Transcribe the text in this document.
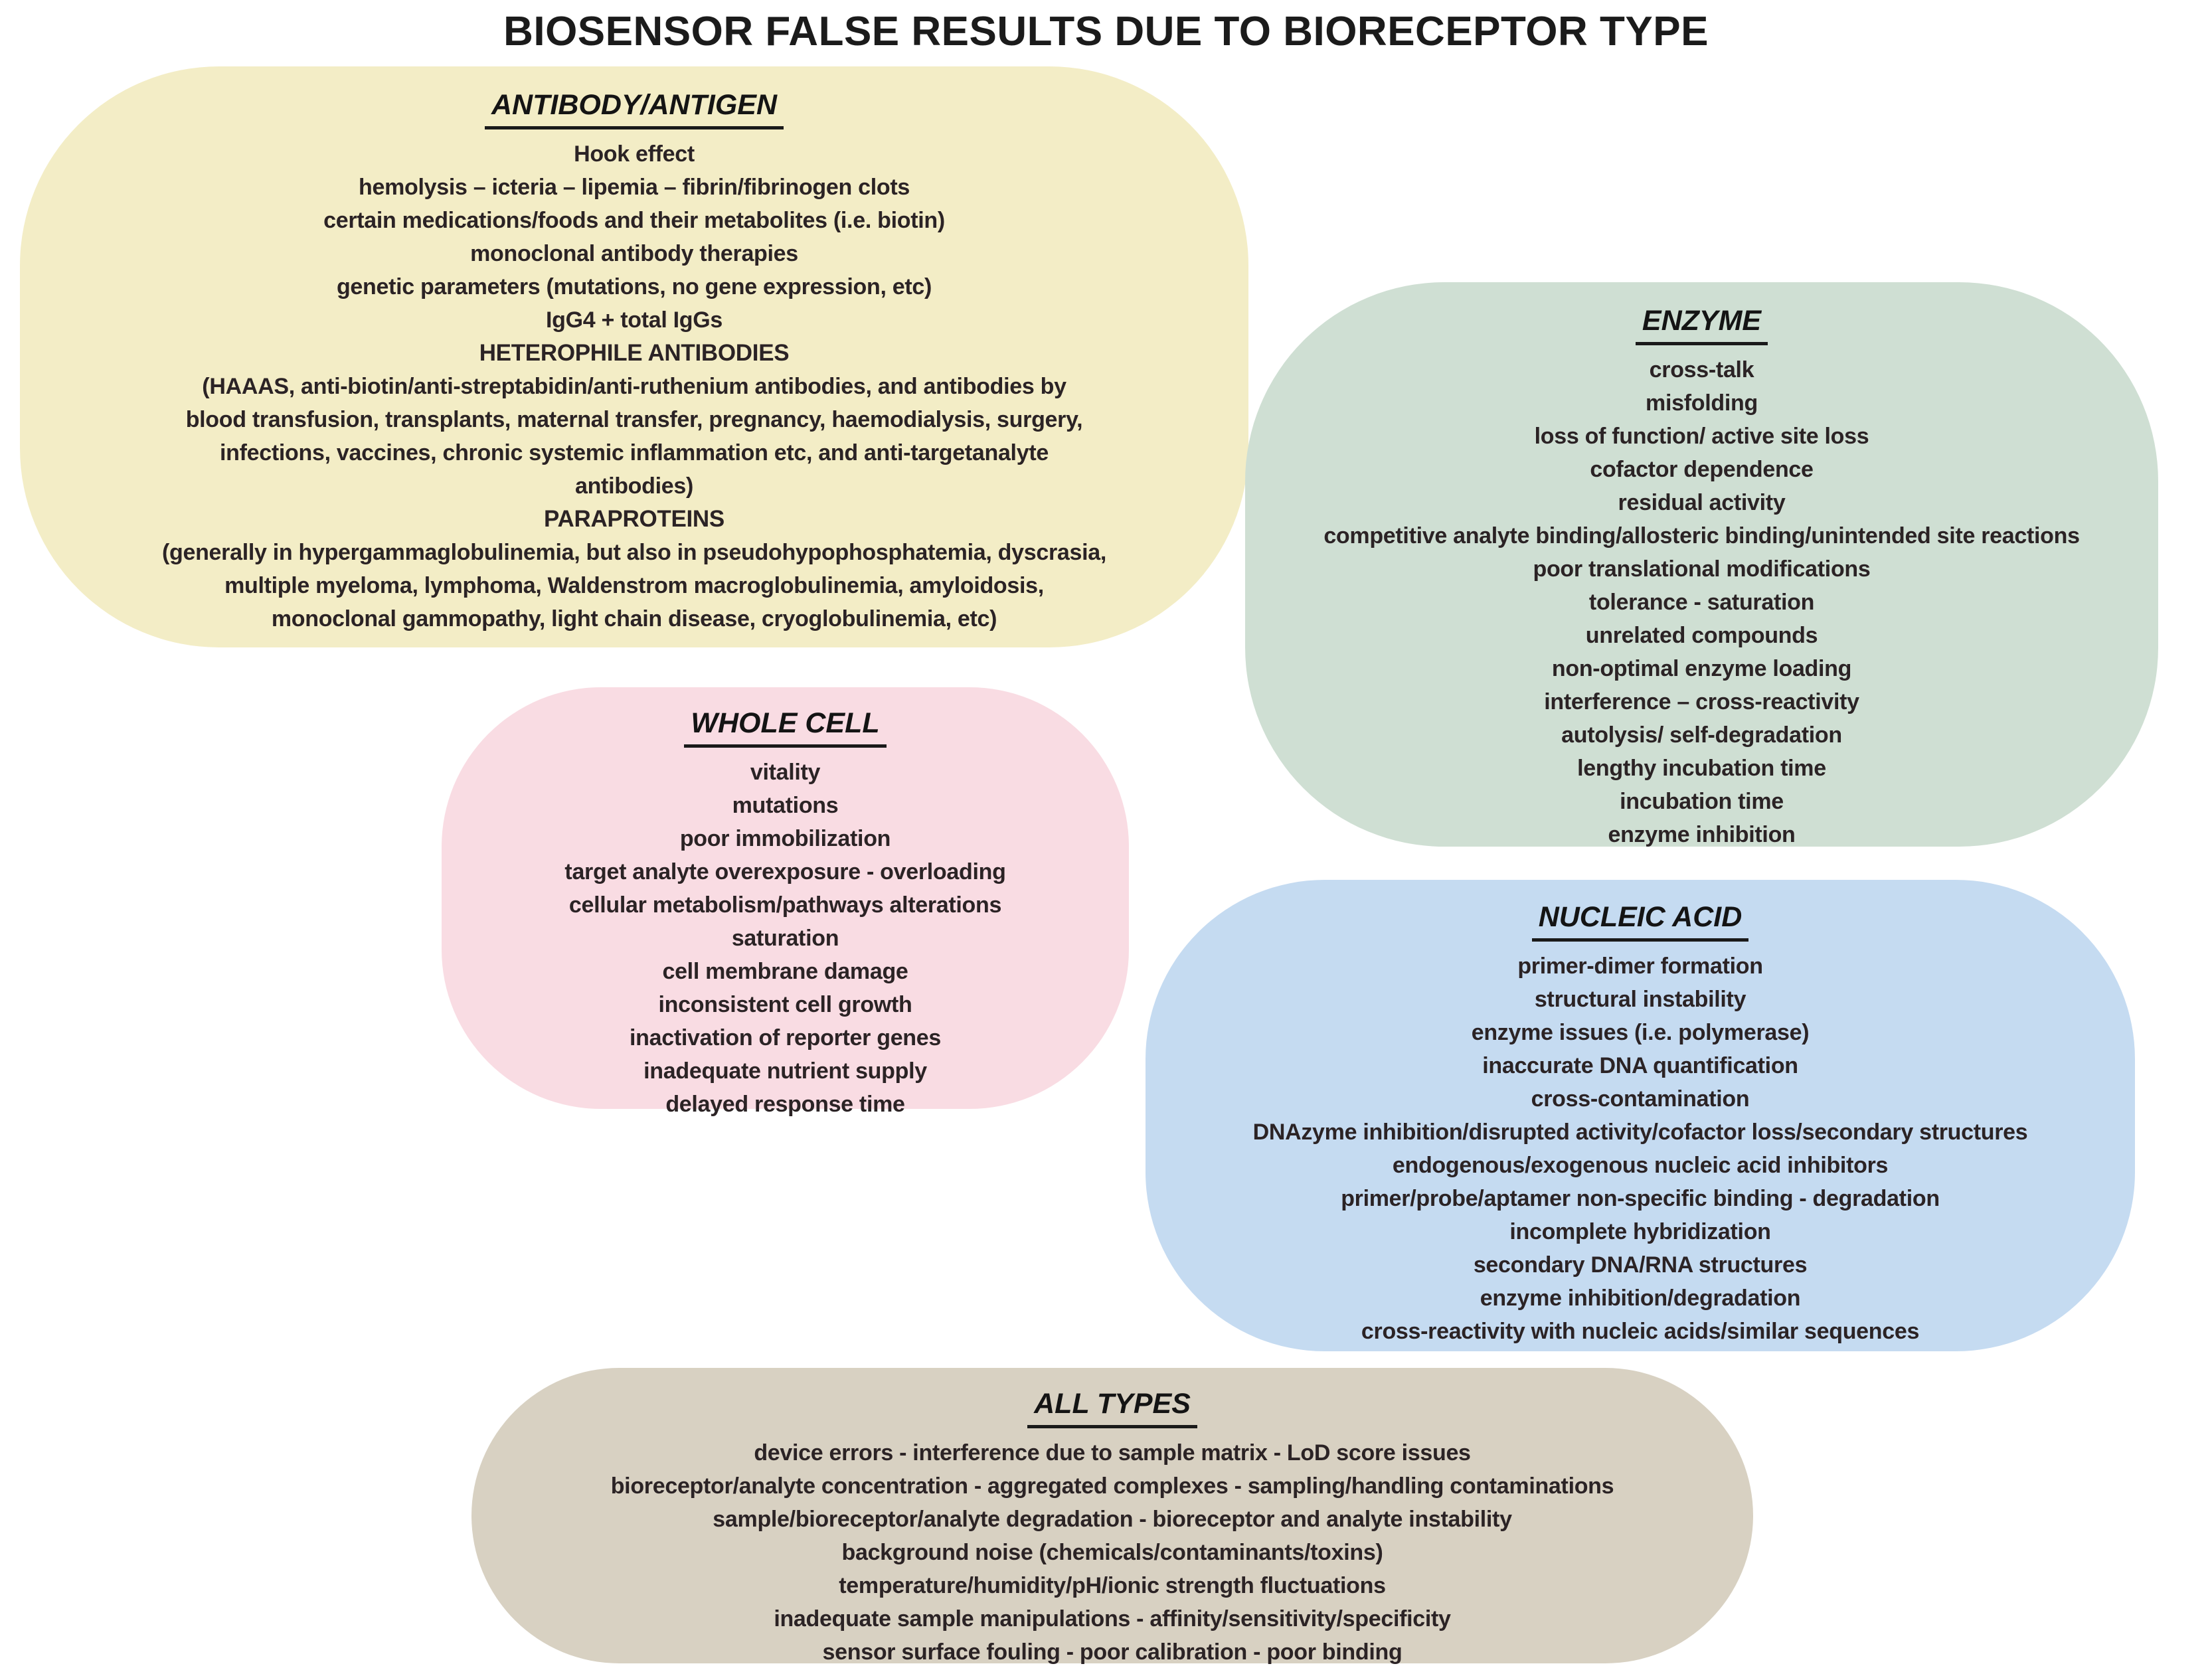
BIOSENSOR FALSE RESULTS DUE TO BIORECEPTOR TYPE
ANTIBODY/ANTIGEN
Hook effect
hemolysis – icteria – lipemia – fibrin/fibrinogen clots
certain medications/foods and their metabolites (i.e. biotin)
monoclonal antibody therapies
genetic parameters (mutations, no gene expression, etc)
IgG4 + total IgGs
HETEROPHILE ANTIBODIES
(HAAAS, anti-biotin/anti-streptabidin/anti-ruthenium antibodies, and antibodies by
blood transfusion, transplants, maternal transfer, pregnancy, haemodialysis, surgery,
infections, vaccines, chronic systemic inflammation etc, and anti-targetanalyte
antibodies)
PARAPROTEINS
(generally in hypergammaglobulinemia, but also in pseudohypophosphatemia, dyscrasia,
multiple myeloma, lymphoma, Waldenstrom macroglobulinemia, amyloidosis,
monoclonal gammopathy, light chain disease, cryoglobulinemia, etc)
ENZYME
cross-talk
misfolding
loss of function/ active site loss
cofactor dependence
residual activity
competitive analyte binding/allosteric binding/unintended site reactions
poor translational modifications
tolerance - saturation
unrelated compounds
non-optimal enzyme loading
interference – cross-reactivity
autolysis/ self-degradation
lengthy incubation time
incubation time
enzyme inhibition
WHOLE CELL
vitality
mutations
poor immobilization
target analyte overexposure - overloading
cellular metabolism/pathways alterations
saturation
cell membrane damage
inconsistent cell growth
inactivation of reporter genes
inadequate nutrient supply
delayed response time
NUCLEIC ACID
primer-dimer formation
structural instability
enzyme issues (i.e. polymerase)
inaccurate DNA quantification
cross-contamination
DNAzyme inhibition/disrupted activity/cofactor loss/secondary structures
endogenous/exogenous nucleic acid inhibitors
primer/probe/aptamer non-specific binding - degradation
incomplete hybridization
secondary DNA/RNA structures
enzyme inhibition/degradation
cross-reactivity with nucleic acids/similar sequences
ALL TYPES
device errors - interference due to sample matrix - LoD score issues
bioreceptor/analyte concentration - aggregated complexes - sampling/handling contaminations
sample/bioreceptor/analyte degradation - bioreceptor and analyte instability
background noise (chemicals/contaminants/toxins)
temperature/humidity/pH/ionic strength fluctuations
inadequate sample manipulations - affinity/sensitivity/specificity
sensor surface fouling - poor calibration - poor binding
